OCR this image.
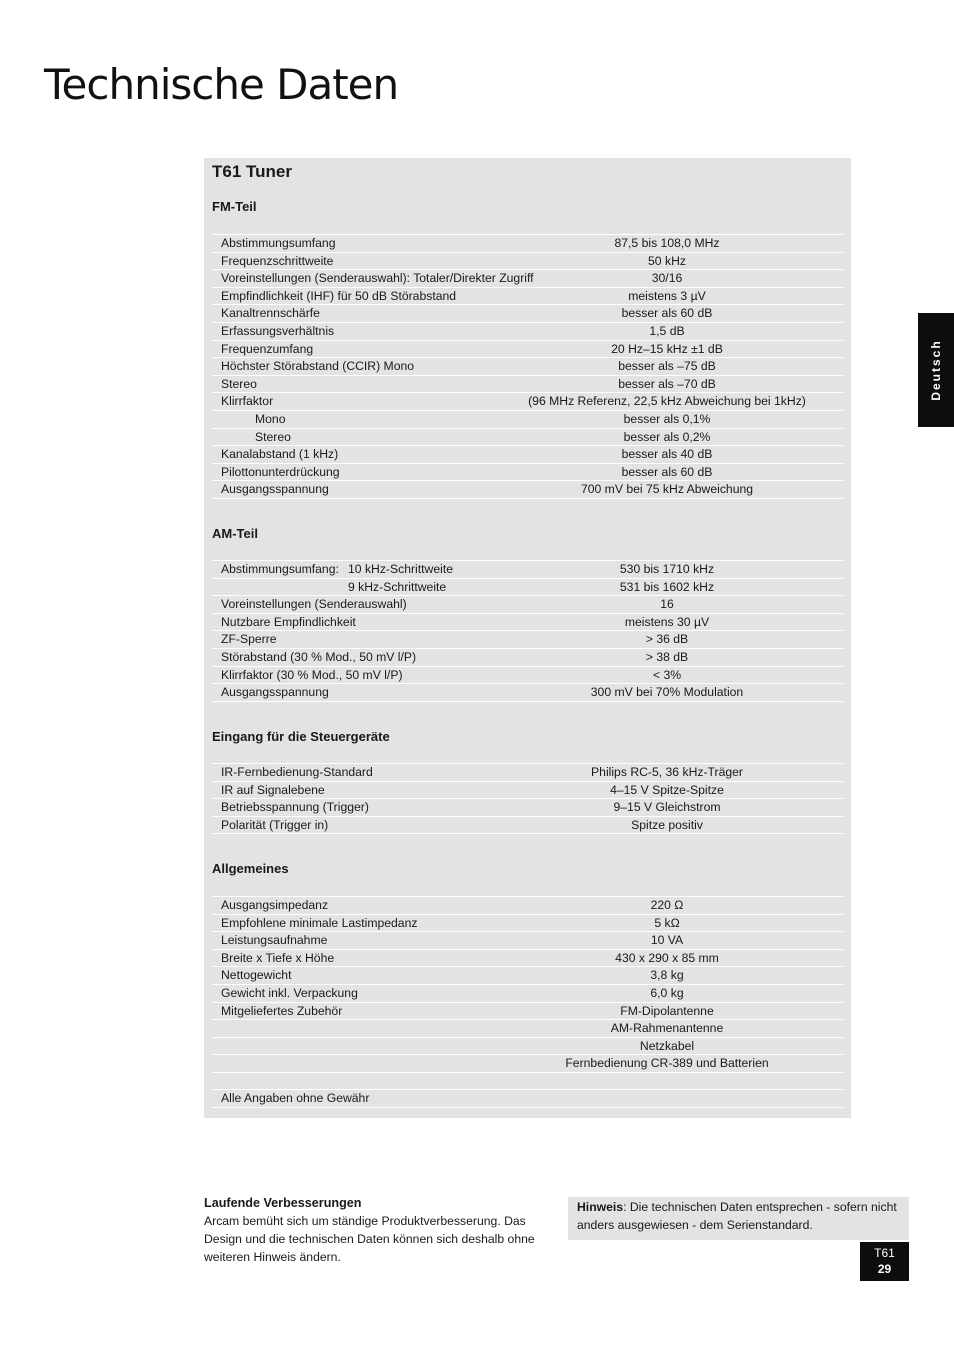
Technische Daten
Deutsch
T61 Tuner
FM-Teil
Abstimmungsumfang	87,5 bis 108,0 MHz
Frequenzschrittweite	50 kHz
Voreinstellungen (Senderauswahl): Totaler/Direkter Zugriff	30/16
Empfindlichkeit (IHF) für 50 dB Störabstand	meistens 3 µV
Kanaltrennschärfe	besser als 60 dB
Erfassungsverhältnis	1,5 dB
Frequenzumfang	20 Hz–15 kHz ±1 dB
Höchster Störabstand (CCIR) Mono	besser als –75 dB
Stereo	besser als –70 dB
Klirrfaktor	(96 MHz Referenz, 22,5 kHz Abweichung bei 1kHz)
Mono	besser als 0,1%
Stereo	besser als 0,2%
Kanalabstand (1 kHz)	besser als 40 dB
Pilottonunterdrückung	besser als 60 dB
Ausgangsspannung	700 mV bei 75 kHz Abweichung
AM-Teil
Abstimmungsumfang: 10 kHz-Schrittweite	530 bis 1710 kHz
9 kHz-Schrittweite	531 bis 1602 kHz
Voreinstellungen (Senderauswahl)	16
Nutzbare Empfindlichkeit	meistens 30 µV
ZF-Sperre	> 36 dB
Störabstand (30 % Mod., 50 mV l/P)	> 38 dB
Klirrfaktor (30 % Mod., 50 mV l/P)	< 3%
Ausgangsspannung	300 mV bei 70% Modulation
Eingang für die Steuergeräte
IR-Fernbedienung-Standard	Philips RC-5, 36 kHz-Träger
IR auf Signalebene	4–15 V Spitze-Spitze
Betriebsspannung (Trigger)	9–15 V Gleichstrom
Polarität (Trigger in)	Spitze positiv
Allgemeines
Ausgangsimpedanz	220 Ω
Empfohlene minimale Lastimpedanz	5 kΩ
Leistungsaufnahme	10 VA
Breite x Tiefe x Höhe	430 x 290 x 85 mm
Nettogewicht	3,8 kg
Gewicht inkl. Verpackung	6,0 kg
Mitgeliefertes Zubehör	FM-Dipolantenne
AM-Rahmenantenne
Netzkabel
Fernbedienung CR-389 und Batterien
Alle Angaben ohne Gewähr
Laufende Verbesserungen
Arcam bemüht sich um ständige Produktverbesserung. Das Design und die technischen Daten können sich deshalb ohne weiteren Hinweis ändern.
Hinweis: Die technischen Daten entsprechen - sofern nicht anders ausgewiesen - dem Serienstandard.
T61
29
